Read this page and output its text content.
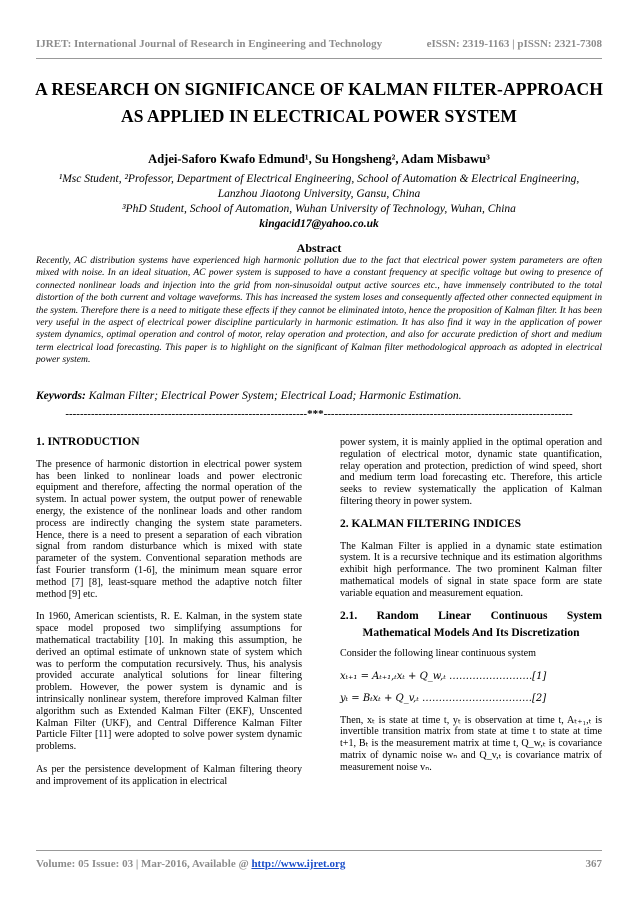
IJRET: International Journal of Research in Engineering and Technology	eISSN: 2319-1163 | pISSN: 2321-7308
A RESEARCH ON SIGNIFICANCE OF KALMAN FILTER-APPROACH
AS APPLIED IN ELECTRICAL POWER SYSTEM
Adjei-Saforo Kwafo Edmund¹, Su Hongsheng², Adam Misbawu³
¹Msc Student, ²Professor, Department of Electrical Engineering, School of Automation & Electrical Engineering,
Lanzhou Jiaotong University, Gansu, China
³PhD Student, School of Automation, Wuhan University of Technology, Wuhan, China
kingacid17@yahoo.co.uk
Abstract
Recently, AC distribution systems have experienced high harmonic pollution due to the fact that electrical power system parameters are often mixed with noise. In an ideal situation, AC power system is supposed to have a constant frequency at specific voltage but owing to presence of connected nonlinear loads and injection into the grid from non-sinusoidal output active sources etc., have immensely contributed to the total distortion of the both current and voltage waveforms. This has increased the system loses and consequently affected other connected equipment in the system. Therefore there is a need to mitigate these effects if they cannot be eliminated intoto, hence the proposition of Kalman filter. It has been very useful in the aspect of electrical power discipline particularly in harmonic estimation. It has also find it way in the application of power system dynamics, optimal operation and control of motor, relay operation and protection, and also for accurate prediction of short and medium term electrical load forecasting. This paper is to highlight on the significant of Kalman filter methodological approach as adopted in electrical power system.
Keywords: Kalman Filter; Electrical Power System; Electrical Load; Harmonic Estimation.
------------------------------------------------------------------***--------------------------------------------------------------------
1. INTRODUCTION

The presence of harmonic distortion in electrical power system has been linked to nonlinear loads and power electronic equipment and therefore, affecting the normal operation of the system. In actual power system, the output power of renewable energy, the existence of the nonlinear loads and other random process are indirectly changing the system state parameters. Hence, there is a need to present a separation of each vibration signal from random disturbance which is mixed with state parameter of the system. Conventional separation methods are fast Fourier transform (1-6], the minimum mean square error method [7] [8], least-square method the adaptive notch filter method [9] etc.

In 1960, American scientists, R. E. Kalman, in the system state space model proposed two simplifying assumptions for mathematical tractability [10]. In making this assumption, he derived an optimal estimate of unknown state of system which was to perform the computation recursively. Thus, his analysis provided accurate analytical solutions for linear filtering problem. However, the power system is dynamic and is intrinsically nonlinear system, therefore improved Kalman filter algorithm such as Extended Kalman Filter (EKF), Unscented Kalman Filter (UKF), and Central Difference Kalman Filter Particle Filter [11] were adopted to solve power system dynamic problems.

As per the persistence development of Kalman filtering theory and improvement of its application in electrical

power system, it is mainly applied in the optimal operation and regulation of electrical motor, dynamic state quantification, relay operation and protection, prediction of wind speed, short and medium term load forecasting etc. Therefore, this article seeks to review systematically the application of Kalman filtering theory in power system.

2. KALMAN FILTERING INDICES

The Kalman Filter is applied in a dynamic state estimation system. It is a recursive technique and its estimation algorithms exhibit high performance. The two prominent Kalman filter mathematical models of signal in state space form are state variable equation and measurement equation.

2.1. Random Linear Continuous System
Mathematical Models And Its Discretization

Consider the following linear continuous system

xₜ₊₁ = Aₜ₊₁,ₜxₜ + Q_w,ₜ …………………….[1]
yₜ = Bₜxₜ + Q_v,ₜ ……………………………[2]

Then, xₜ is state at time t, yₜ is observation at time t, Aₜ₊₁,ₜ is invertible transition matrix from state at time t to state at time t+1, Bₜ is the measurement matrix at time t, Q_w,ₜ is covariance matrix of dynamic noise wₙ and Q_v,ₜ is covariance matrix of measurement noise vₙ.

Volume: 05 Issue: 03 | Mar-2016, Available @ http://www.ijret.org	367
